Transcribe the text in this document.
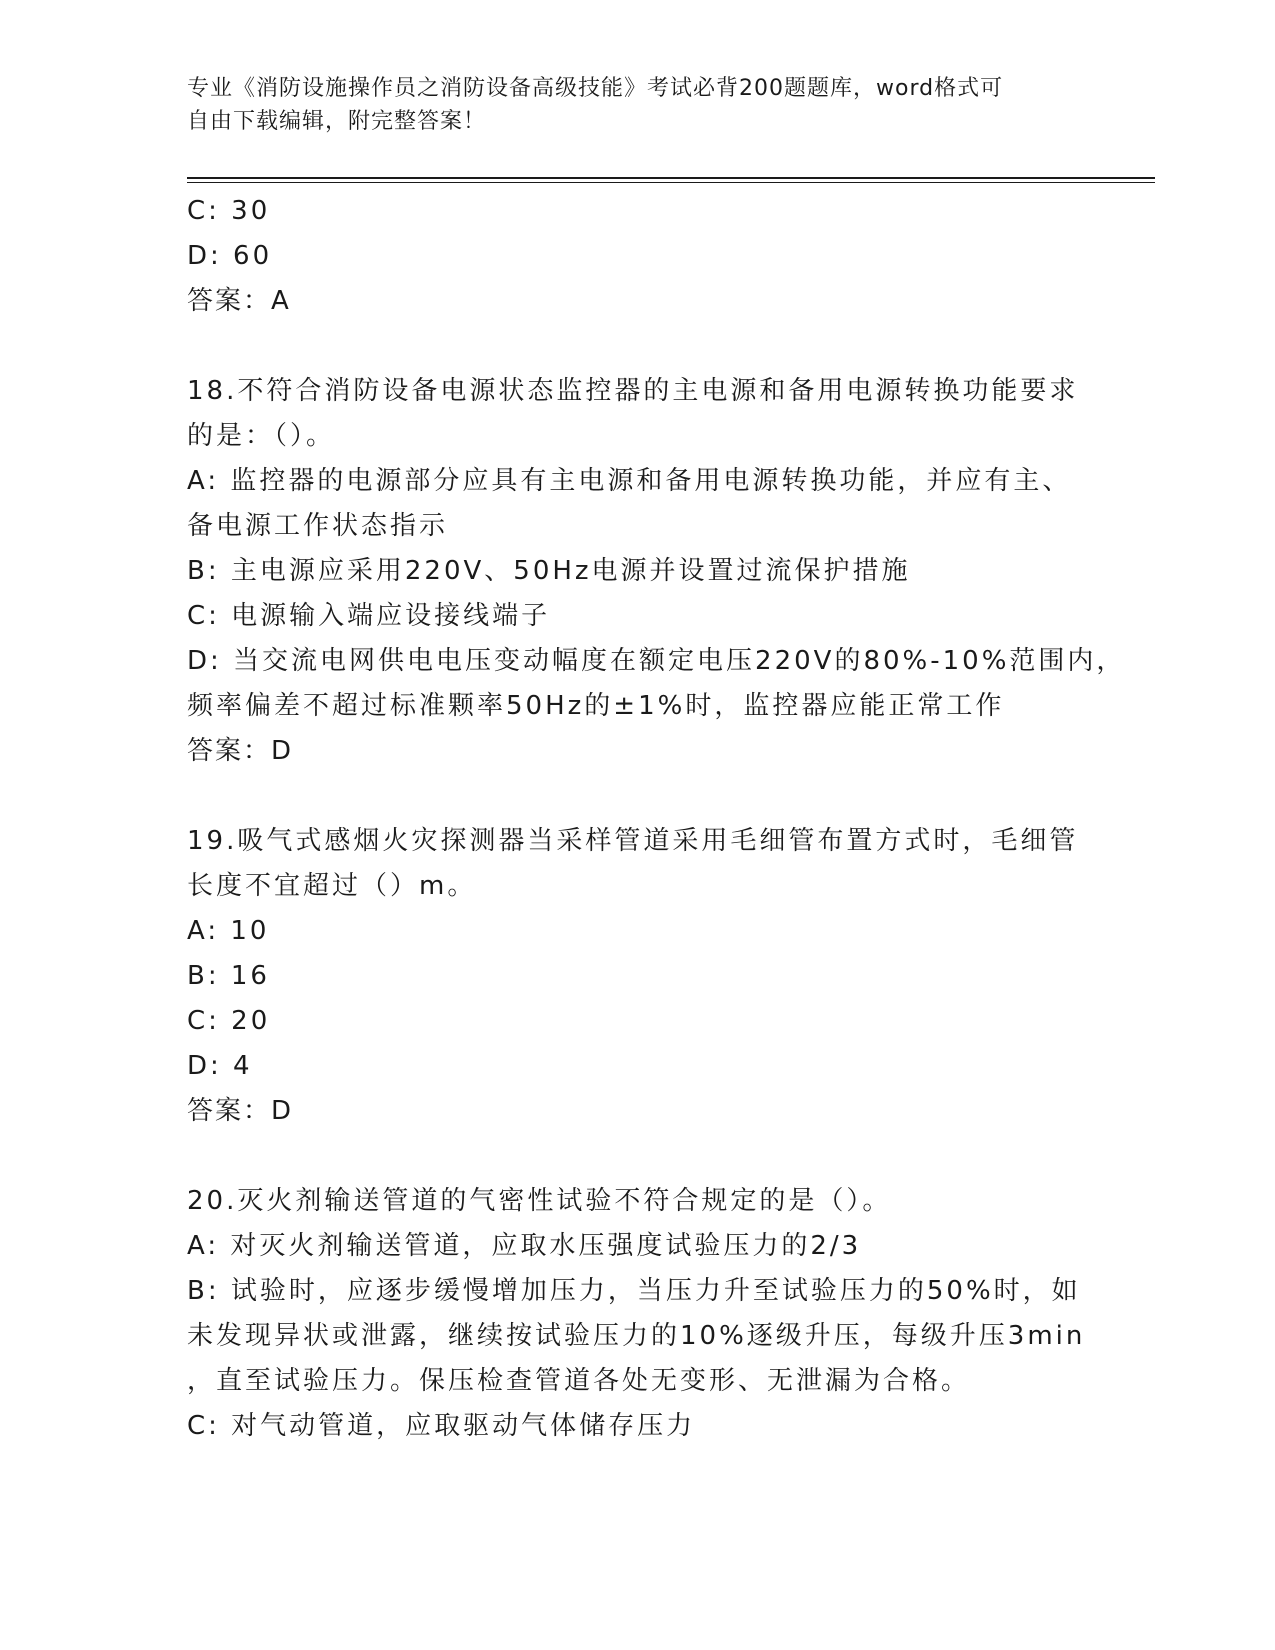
专业《消防设施操作员之消防设备高级技能》考试必背200题题库，word格式可
自由下载编辑，附完整答案！
C: 30
D: 60
答案：A
18.不符合消防设备电源状态监控器的主电源和备用电源转换功能要求
的是：（）。
A: 监控器的电源部分应具有主电源和备用电源转换功能，并应有主、
备电源工作状态指示
B: 主电源应采用220V、50Hz电源并设置过流保护措施
C: 电源输入端应设接线端子
D: 当交流电网供电电压变动幅度在额定电压220V的80%-10%范围内，
频率偏差不超过标准颗率50Hz的±1%时，监控器应能正常工作
答案：D
19.吸气式感烟火灾探测器当采样管道采用毛细管布置方式时，毛细管
长度不宜超过（）m。
A: 10
B: 16
C: 20
D: 4
答案：D
20.灭火剂输送管道的气密性试验不符合规定的是（）。
A: 对灭火剂输送管道，应取水压强度试验压力的2/3
B: 试验时，应逐步缓慢增加压力，当压力升至试验压力的50%时，如
未发现异状或泄露，继续按试验压力的10%逐级升压，每级升压3min
，直至试验压力。保压检查管道各处无变形、无泄漏为合格。
C: 对气动管道，应取驱动气体储存压力
